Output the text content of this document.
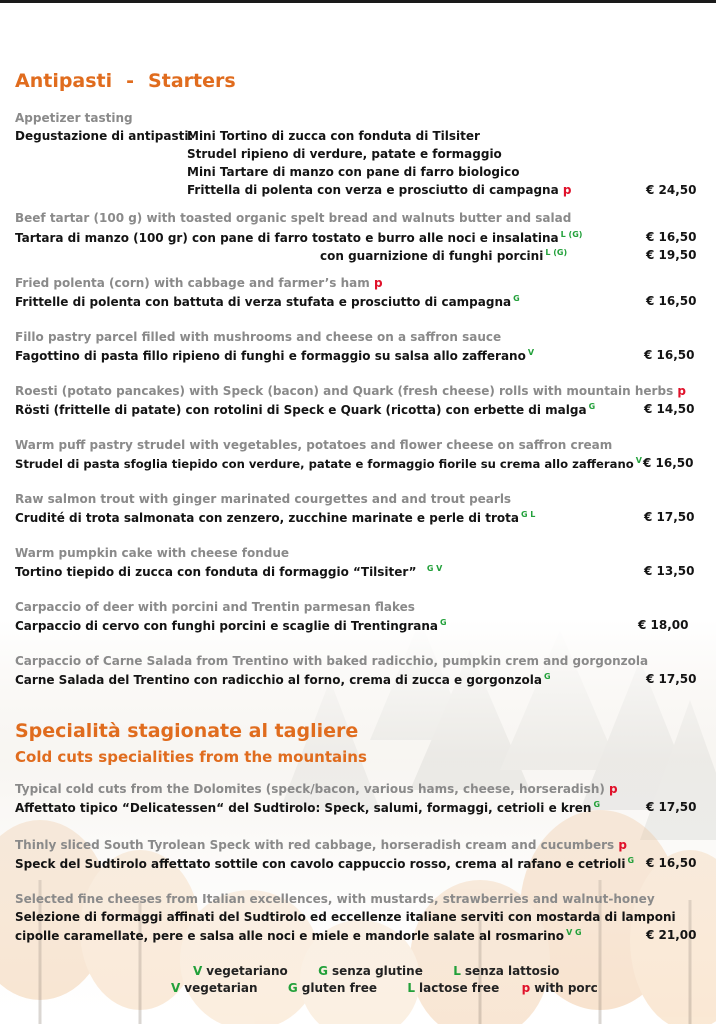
Antipasti - Starters
Appetizer tasting
Degustazione di antipasti:
Mini Tortino di zucca con fonduta di Tilsiter
Strudel ripieno di verdure, patate e formaggio
Mini Tartare di manzo con pane di farro biologico
Frittella di polenta con verza e prosciutto di campagna p	€ 24,50
Beef tartar (100 g) with toasted organic spelt bread and walnuts butter and salad
Tartara di manzo (100 gr) con pane di farro tostato e burro alle noci e insalatina $^{L (G)}$	€ 16,50
con guarnizione di funghi porcini $^{L (G)}$	€ 19,50
Fried polenta (corn) with cabbage and farmer’s ham p
Frittelle di polenta con battuta di verza stufata e prosciutto di campagna $^G$	€ 16,50
Fillo pastry parcel filled with mushrooms and cheese on a saffron sauce
Fagottino di pasta fillo ripieno di funghi e formaggio su salsa allo zafferano $^V$	€ 16,50
Roesti (potato pancakes) with Speck (bacon) and Quark (fresh cheese) rolls with mountain herbs p
Rösti (frittelle di patate) con rotolini di Speck e Quark (ricotta) con erbette di malga $^G$	€ 14,50
Warm puff pastry strudel with vegetables, potatoes and flower cheese on saffron cream
Strudel di pasta sfoglia tiepido con verdure, patate e formaggio fiorile su crema allo zafferano $^V$ € 16,50
Raw salmon trout with ginger marinated courgettes and and trout pearls
Crudité di trota salmonata con zenzero, zucchine marinate e perle di trota $^{G L}$	€ 17,50
Warm pumpkin cake with cheese fondue
Tortino tiepido di zucca con fonduta di formaggio “Tilsiter” $^{G V}$	€ 13,50
Carpaccio of deer with porcini and Trentin parmesan flakes
Carpaccio di cervo con funghi porcini e scaglie di Trentingrana $^G$	€ 18,00
Carpaccio of Carne Salada from Trentino with baked radicchio, pumpkin crem and gorgonzola
Carne Salada del Trentino con radicchio al forno, crema di zucca e gorgonzola $^G$	€ 17,50
Specialità stagionate al tagliere
Cold cuts specialities from the mountains
Typical cold cuts from the Dolomites (speck/bacon, various hams, cheese, horseradish) p
Affettato tipico “Delicatessen“ del Sudtirolo: Speck, salumi, formaggi, cetrioli e kren $^G$	€ 17,50
Thinly sliced South Tyrolean Speck with red cabbage, horseradish cream and cucumbers p
Speck del Sudtirolo affettato sottile con cavolo cappuccio rosso, crema al rafano e cetrioli $^G$ € 16,50
Selected fine cheeses from Italian excellences, with mustards, strawberries and walnut-honey
Selezione di formaggi affinati del Sudtirolo ed eccellenze italiane serviti con mostarda di lamponi
cipolle caramellate, pere e salsa alle noci e miele e mandorle salate al rosmarino $^{V G}$	€ 21,00
V vegetariano	G senza glutine	L senza lattosio
V vegetarian	G gluten free	L lactose free p with porc
